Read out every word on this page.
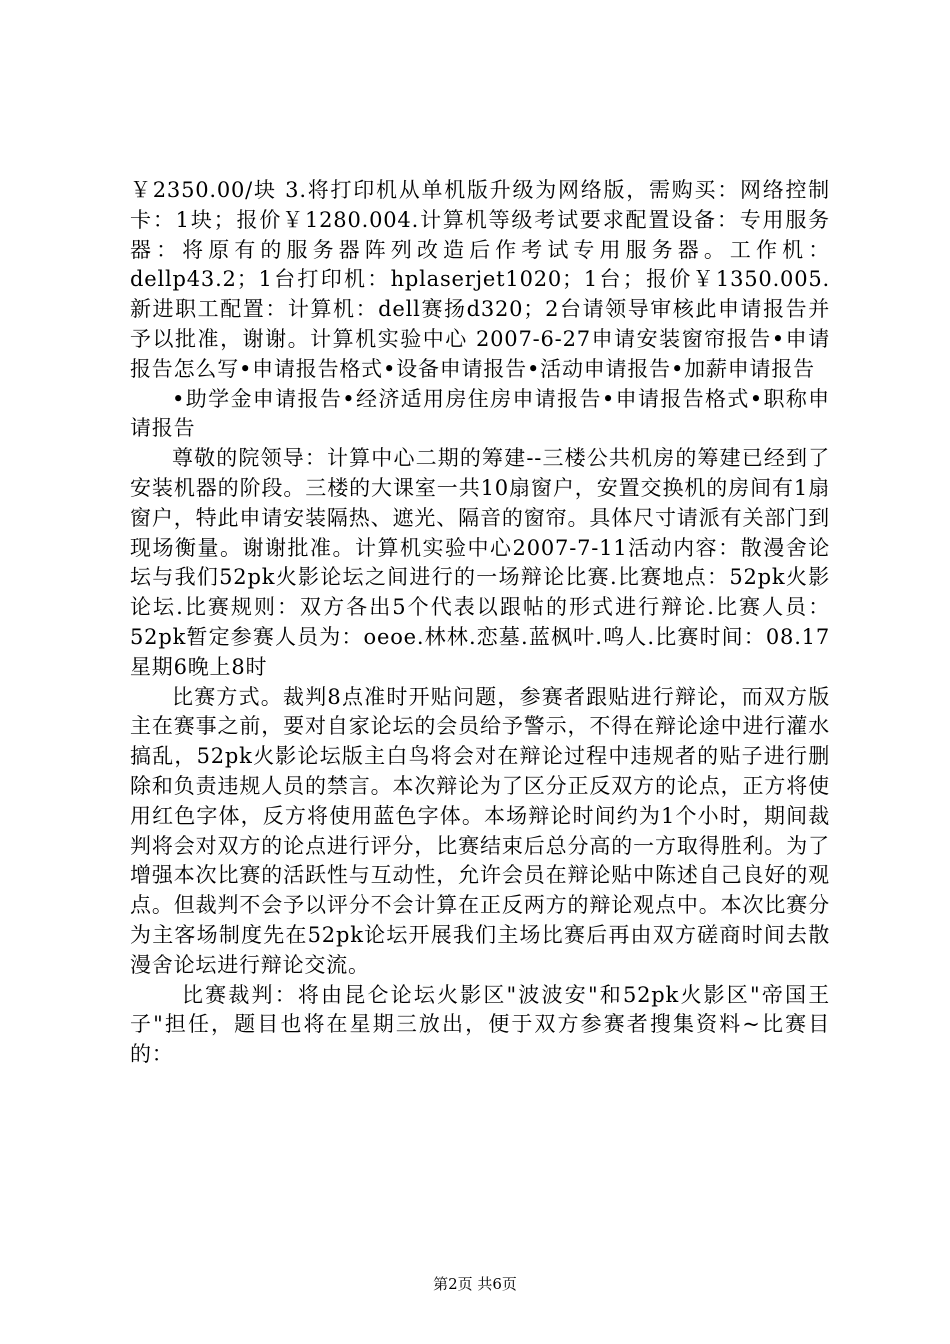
￥2350.00/块 3.将打印机从单机版升级为网络版，需购买：网络控制卡：1块；报价￥1280.004.计算机等级考试要求配置设备：专用服务器：将原有的服务器阵列改造后作考试专用服务器。工作机：dellp43.2；1台打印机：hplaserjet1020；1台；报价￥1350.005.新进职工配置：计算机：dell赛扬d320；2台请领导审核此申请报告并予以批准，谢谢。计算机实验中心 2007-6-27申请安装窗帘报告•申请报告怎么写•申请报告格式•设备申请报告•活动申请报告•加薪申请报告

•助学金申请报告•经济适用房住房申请报告•申请报告格式•职称申请报告

尊敬的院领导：计算中心二期的筹建--三楼公共机房的筹建已经到了安装机器的阶段。三楼的大课室一共10扇窗户，安置交换机的房间有1扇窗户，特此申请安装隔热、遮光、隔音的窗帘。具体尺寸请派有关部门到现场衡量。谢谢批准。计算机实验中心2007-7-11活动内容：散漫舍论坛与我们52pk火影论坛之间进行的一场辩论比赛.比赛地点：52pk火影论坛.比赛规则：双方各出5个代表以跟帖的形式进行辩论.比赛人员：52pk暂定参赛人员为：oeoe.林林.恋墓.蓝枫叶.鸣人.比赛时间：08.17星期6晚上8时

比赛方式。裁判8点准时开贴问题，参赛者跟贴进行辩论，而双方版主在赛事之前，要对自家论坛的会员给予警示，不得在辩论途中进行灌水搞乱，52pk火影论坛版主白鸟将会对在辩论过程中违规者的贴子进行删除和负责违规人员的禁言。本次辩论为了区分正反双方的论点，正方将使用红色字体，反方将使用蓝色字体。本场辩论时间约为1个小时，期间裁判将会对双方的论点进行评分，比赛结束后总分高的一方取得胜利。为了增强本次比赛的活跃性与互动性，允许会员在辩论贴中陈述自己良好的观点。但裁判不会予以评分不会计算在正反两方的辩论观点中。本次比赛分为主客场制度先在52pk论坛开展我们主场比赛后再由双方磋商时间去散漫舍论坛进行辩论交流。

比赛裁判：将由昆仑论坛火影区"波波安"和52pk火影区"帝国王子"担任，题目也将在星期三放出，便于双方参赛者搜集资料~比赛目的：

第2页 共6页
